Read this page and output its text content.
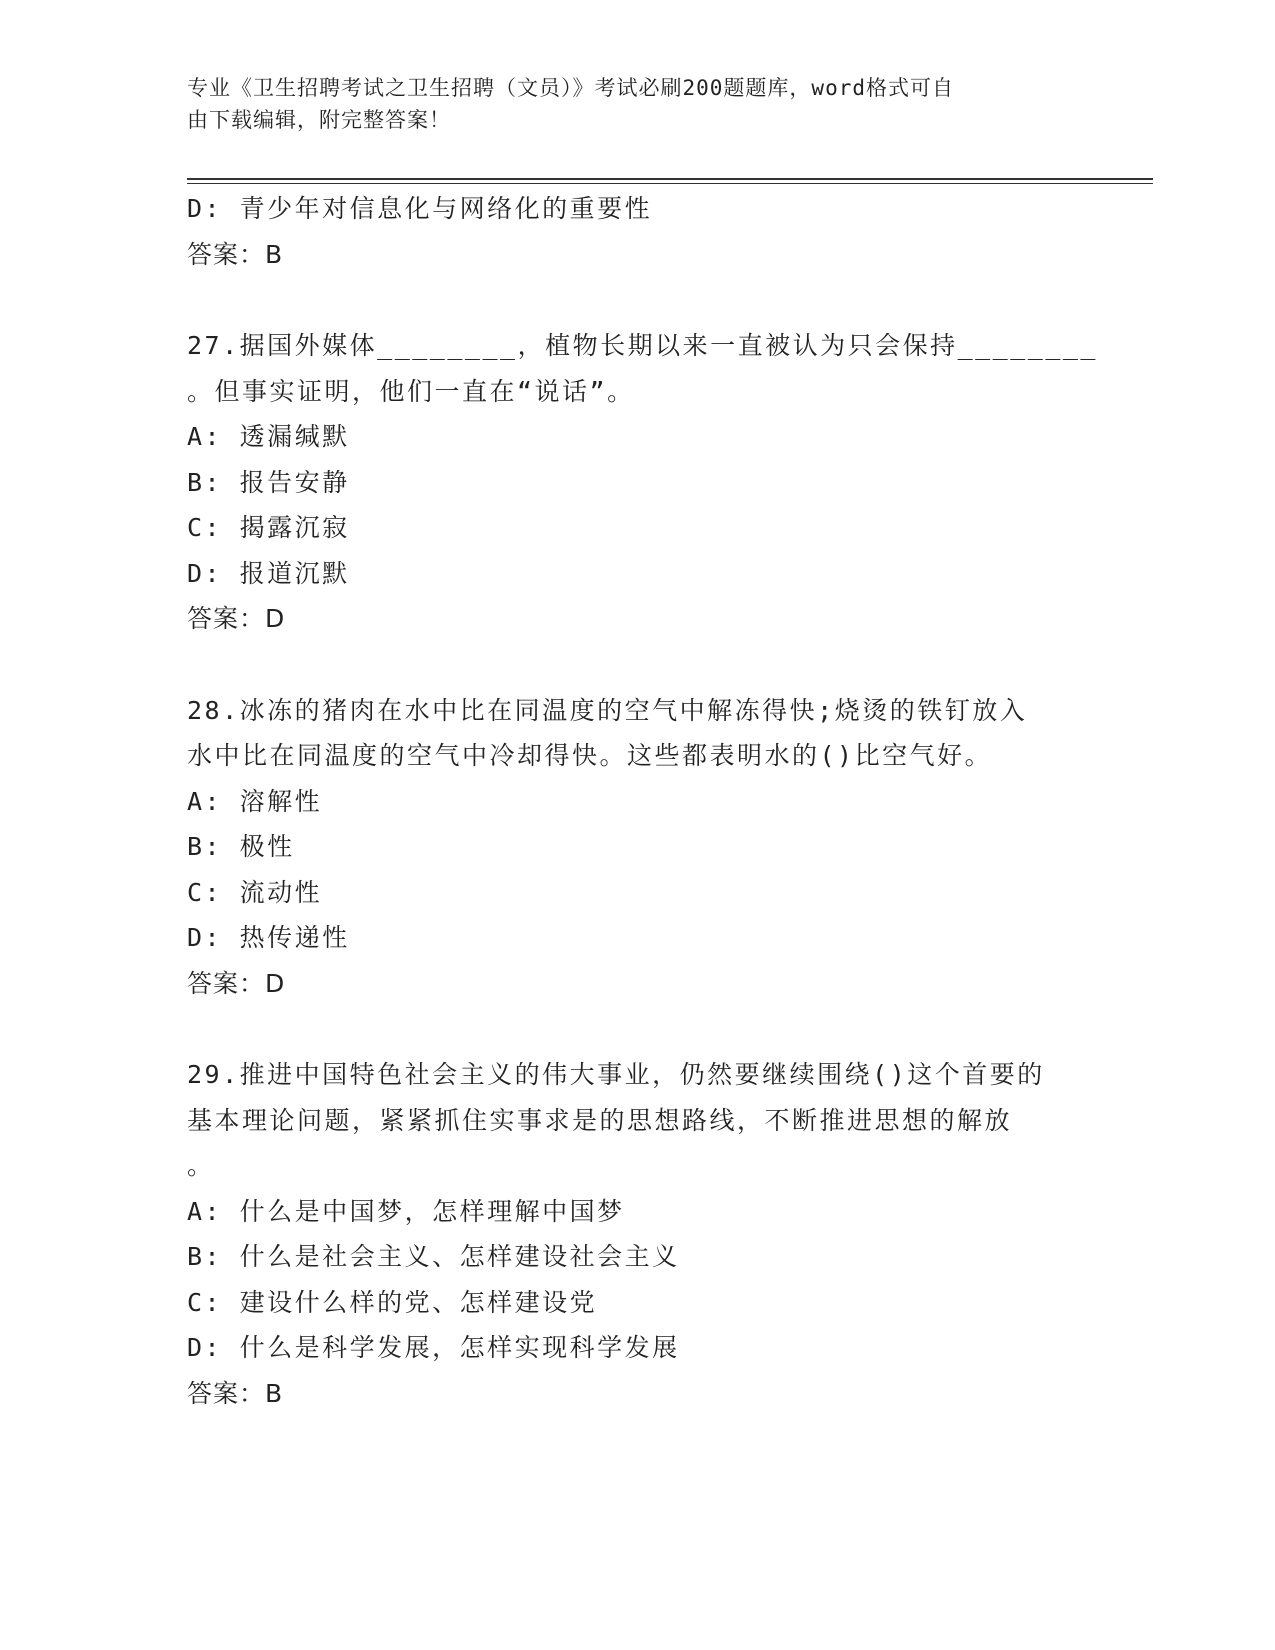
专业《卫生招聘考试之卫生招聘（文员）》考试必刷200题题库，word格式可自
由下载编辑，附完整答案！
D: 青少年对信息化与网络化的重要性
答案：B
27.据国外媒体________，植物长期以来一直被认为只会保持________
。但事实证明，他们一直在“说话”。
A: 透漏缄默
B: 报告安静
C: 揭露沉寂
D: 报道沉默
答案：D
28.冰冻的猪肉在水中比在同温度的空气中解冻得快;烧烫的铁钉放入
水中比在同温度的空气中冷却得快。这些都表明水的()比空气好。
A: 溶解性
B: 极性
C: 流动性
D: 热传递性
答案：D
29.推进中国特色社会主义的伟大事业，仍然要继续围绕()这个首要的
基本理论问题，紧紧抓住实事求是的思想路线，不断推进思想的解放
。
A: 什么是中国梦，怎样理解中国梦
B: 什么是社会主义、怎样建设社会主义
C: 建设什么样的党、怎样建设党
D: 什么是科学发展，怎样实现科学发展
答案：B
